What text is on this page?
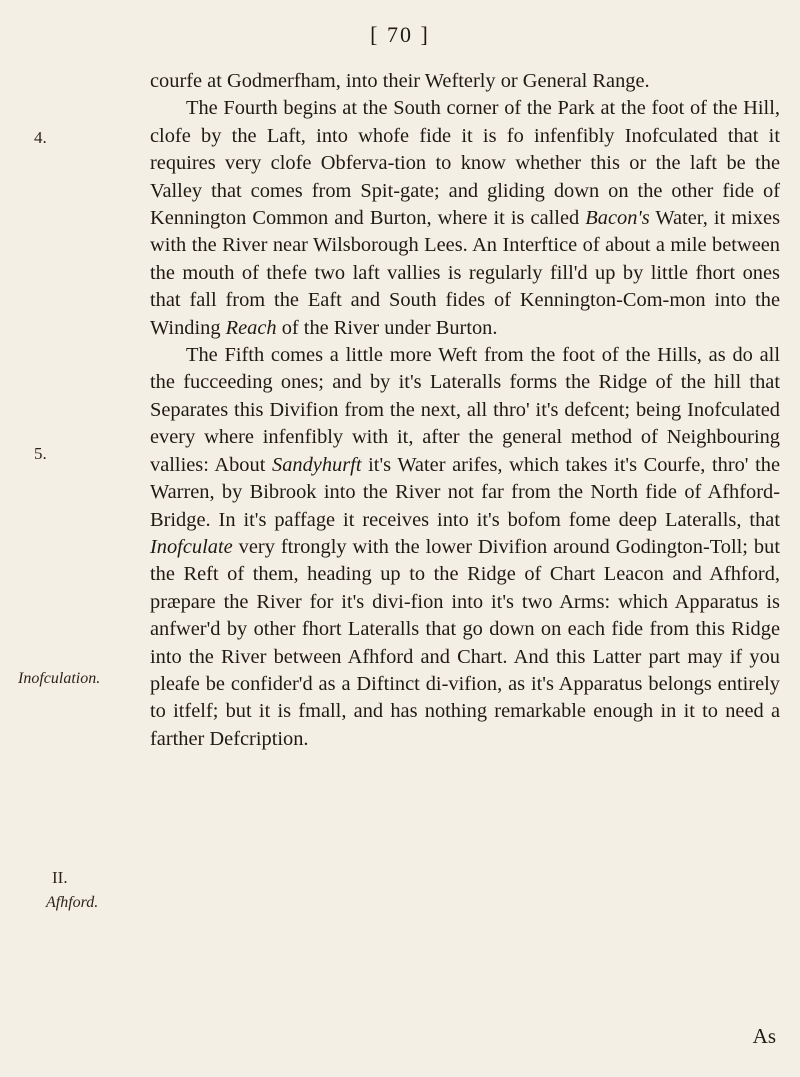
[ 70 ]
4.
5.
Inofculation.
II.
Afhford.

courfe at Godmerfham, into their Wefterly or General Range.

The Fourth begins at the South corner of the Park at the foot of the Hill, clofe by the Laft, into whofe fide it is fo infenfibly Inofculated that it requires very clofe Obferva-tion to know whether this or the laft be the Valley that comes from Spit-gate; and gliding down on the other fide of Kennington Common and Burton, where it is called Bacon's Water, it mixes with the River near Wilsborough Lees. An Interftice of about a mile between the mouth of thefe two laft vallies is regularly fill'd up by little fhort ones that fall from the Eaft and South fides of Kennington-Com-mon into the Winding Reach of the River under Burton.

The Fifth comes a little more Weft from the foot of the Hills, as do all the fucceeding ones; and by it's Lateralls forms the Ridge of the hill that Separates this Divifion from the next, all thro' it's defcent; being Inofculated every where infenfibly with it, after the general method of Neighbouring vallies: About Sandyhurft it's Water arifes, which takes it's Courfe, thro' the Warren, by Bibrook into the River not far from the North fide of Afhford-Bridge. In it's paffage it receives into it's bofom fome deep Lateralls, that Inofculate very ftrongly with the lower Divifion around Godington-Toll; but the Reft of them, heading up to the Ridge of Chart Leacon and Afhford, præpare the River for it's divi-fion into it's two Arms: which Apparatus is anfwer'd by other fhort Lateralls that go down on each fide from this Ridge into the River between Afhford and Chart. And this Latter part may if you pleafe be confider'd as a Diftinct di-vifion, as it's Apparatus belongs entirely to itfelf; but it is fmall, and has nothing remarkable enough in it to need a farther Defcription.

As
